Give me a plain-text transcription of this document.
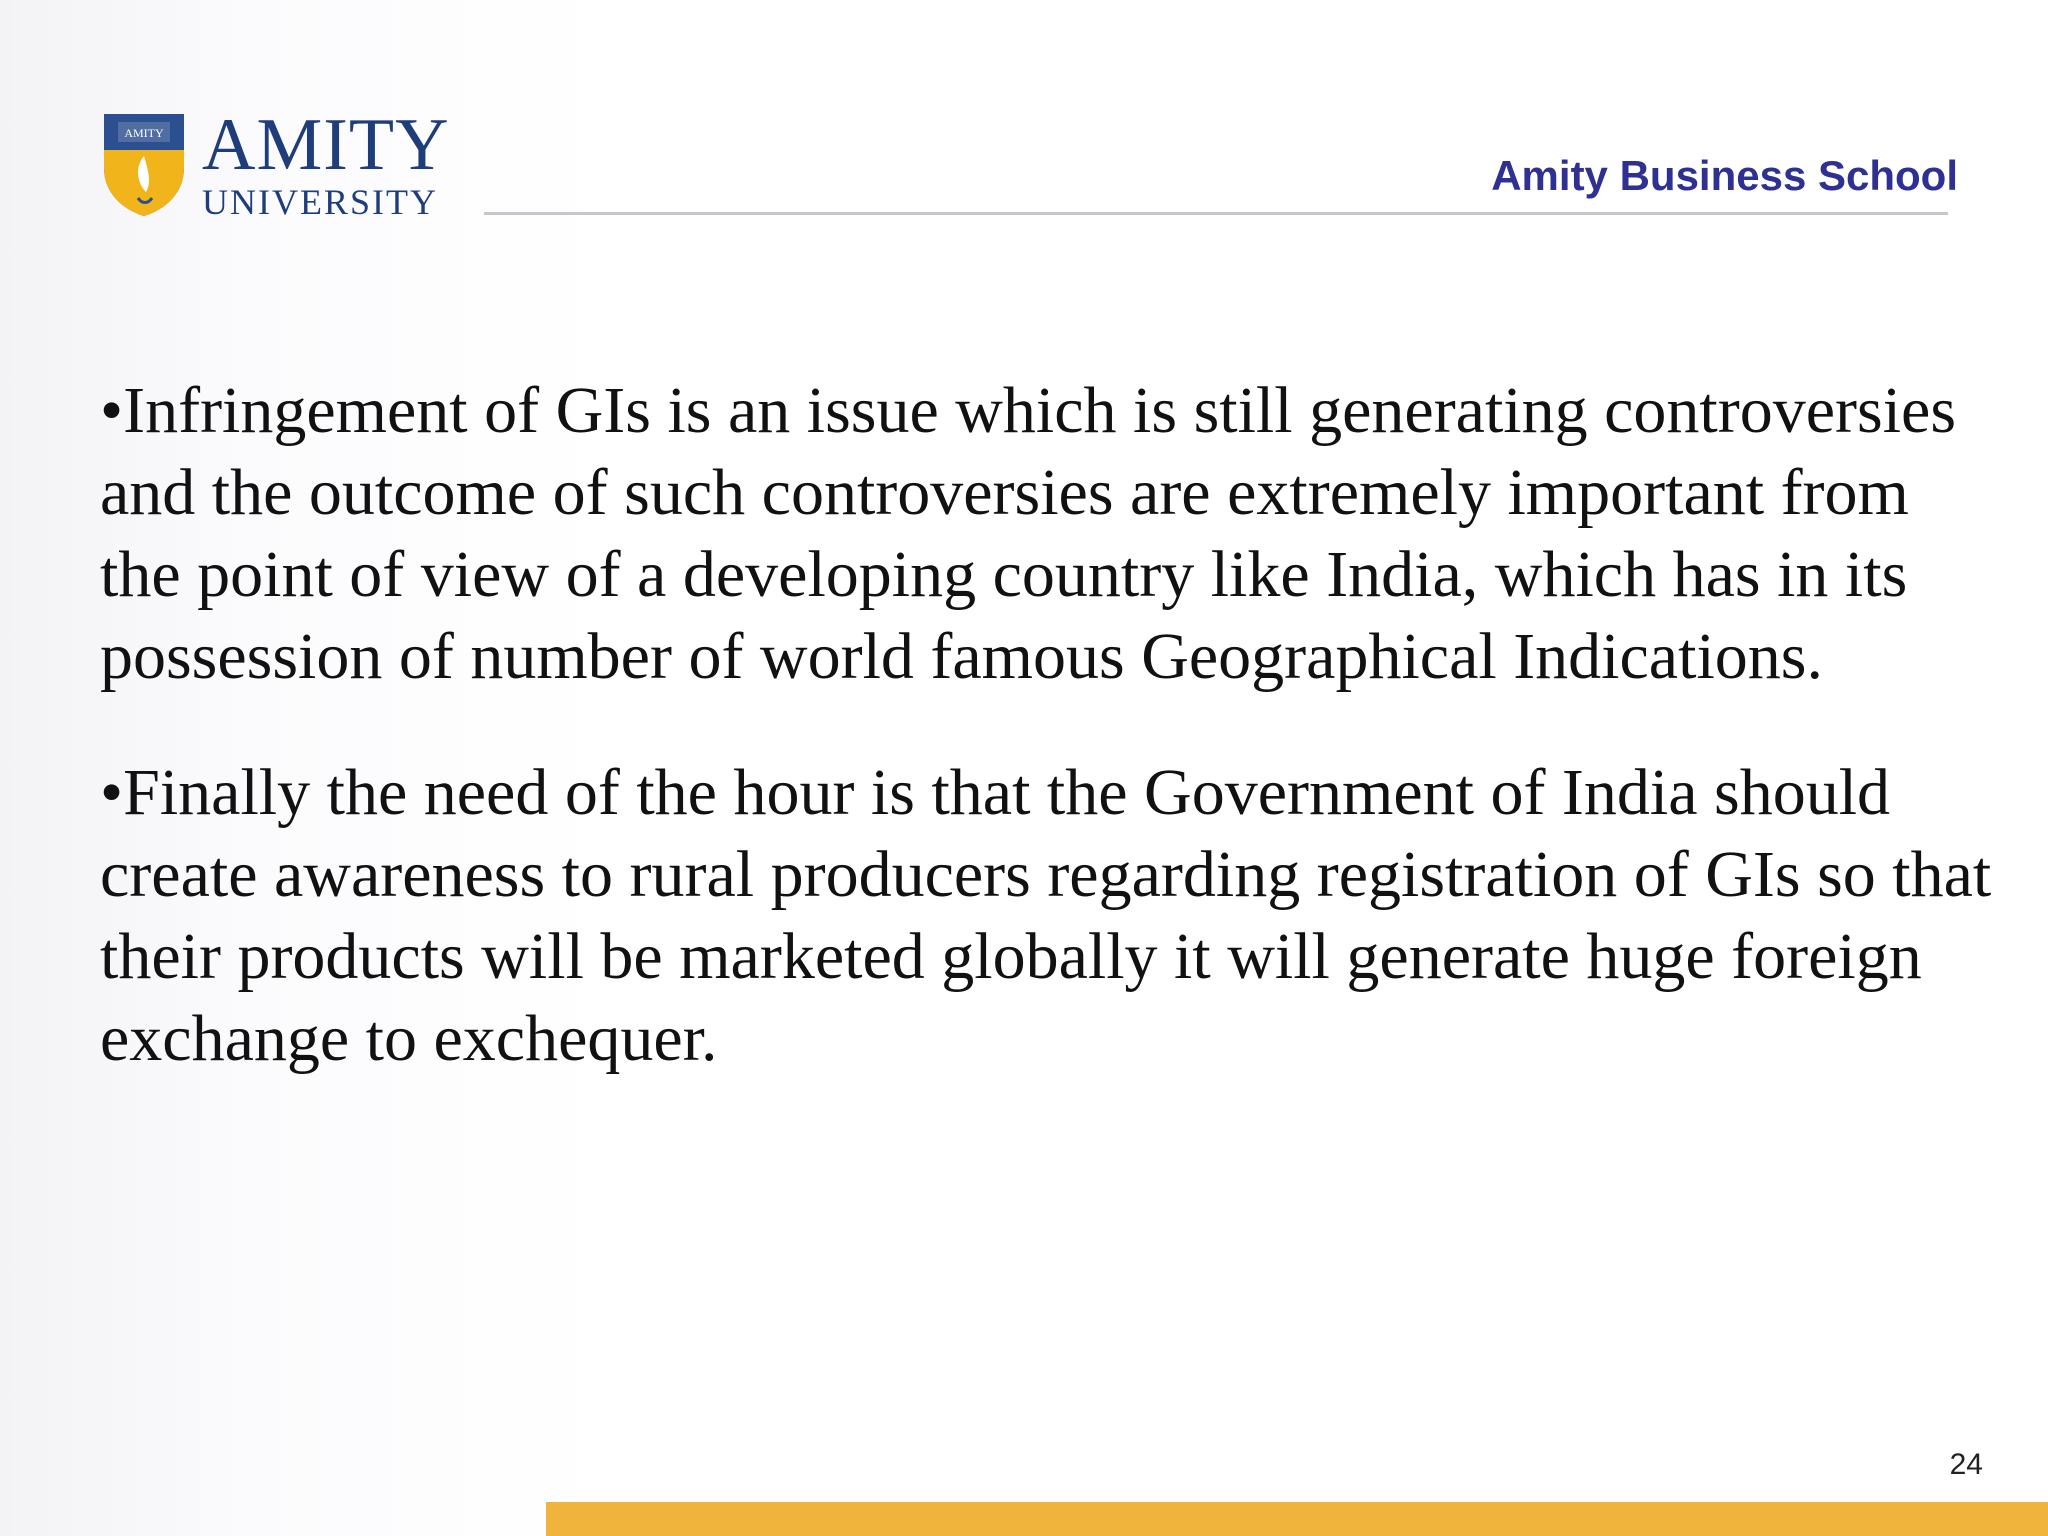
AMITY AMITY
UNIVERSITY
Amity Business School

•Infringement of GIs is an issue which is still generating controversies and the outcome of such controversies are extremely important from the point of view of a developing country like India, which has in its possession of number of world famous Geographical Indications.

•Finally the need of the hour is that the Government of India should create awareness to rural producers regarding registration of GIs so that their products will be marketed globally it will generate huge foreign exchange to exchequer.

24
